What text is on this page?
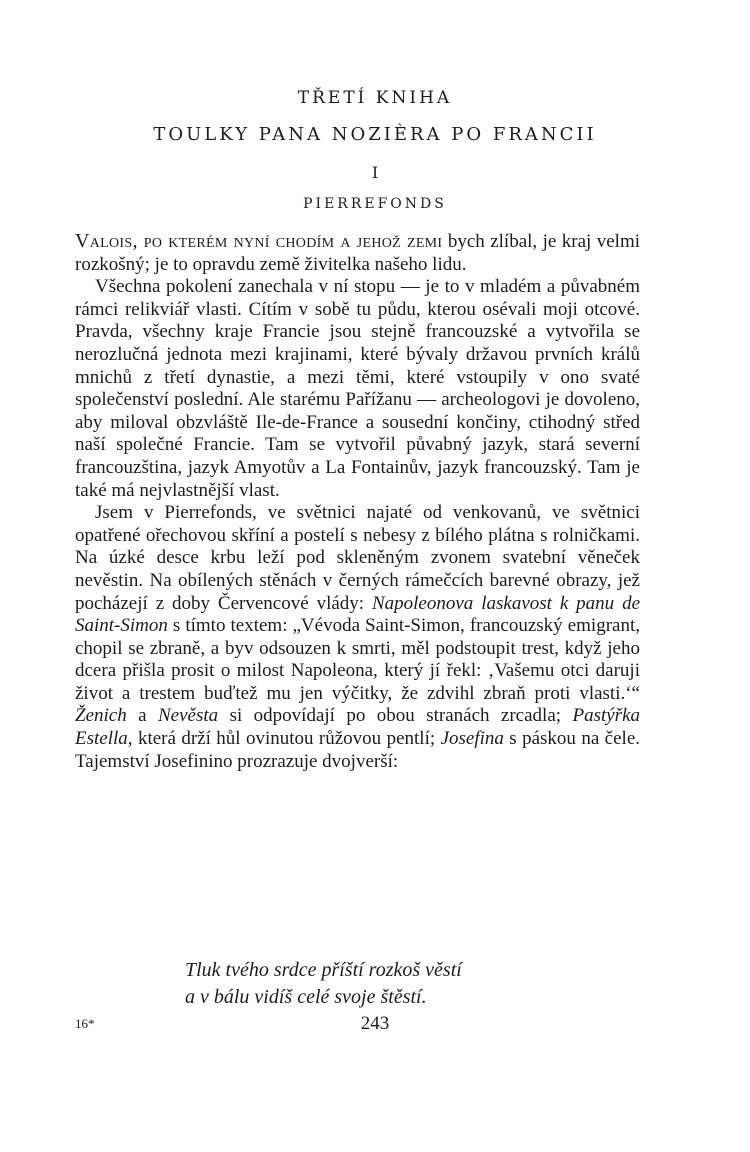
TŘETÍ KNIHA
TOULKY PANA NOZIÈRA PO FRANCII
I
PIERREFONDS

Valois, po kterém nyní chodím a jehož zemi bych zlíbal, je kraj velmi rozkošný; je to opravdu země živitelka našeho lidu.

Všechna pokolení zanechala v ní stopu — je to v mladém a půvabném rámci relikviář vlasti. Cítím v sobě tu půdu, kterou osévali moji otcové. Pravda, všechny kraje Francie jsou stejně francouzské a vytvořila se nerozlučná jednota mezi krajinami, které bývaly državou prvních králů mnichů z třetí dynastie, a mezi těmi, které vstoupily v ono svaté společenství poslední. Ale starému Pařížanu — archeologovi je dovoleno, aby miloval obzvláště Ile-de-France a sousední končiny, ctihodný střed naší společné Francie. Tam se vytvořil půvabný jazyk, stará severní francouzština, jazyk Amyotův a La Fontainův, jazyk francouzský. Tam je také má nejvlastnější vlast.

Jsem v Pierrefonds, ve světnici najaté od venkovanů, ve světnici opatřené ořechovou skříní a postelí s nebesy z bílého plátna s rolničkami. Na úzké desce krbu leží pod skleněným zvonem svatební věneček nevěstin. Na obílených stěnách v černých rámečcích barevné obrazy, jež pocházejí z doby Červencové vlády: Napoleonova laskavost k panu de Saint-Simon s tímto textem: „Vévoda Saint-Simon, francouzský emigrant, chopil se zbraně, a byv odsouzen k smrti, měl podstoupit trest, když jeho dcera přišla prosit o milost Napoleona, který jí řekl: ‚Vašemu otci daruji život a trestem buďtež mu jen výčitky, že zdvihl zbraň proti vlasti.‘“ Ženich a Nevěsta si odpovídají po obou stranách zrcadla; Pastýřka Estella, která drží hůl ovinutou růžovou pentlí; Josefina s páskou na čele. Tajemství Josefinino prozrazuje dvojverší:

Tluk tvého srdce příští rozkoš věstí
a v bálu vidíš celé svoje štěstí.
16*	243
